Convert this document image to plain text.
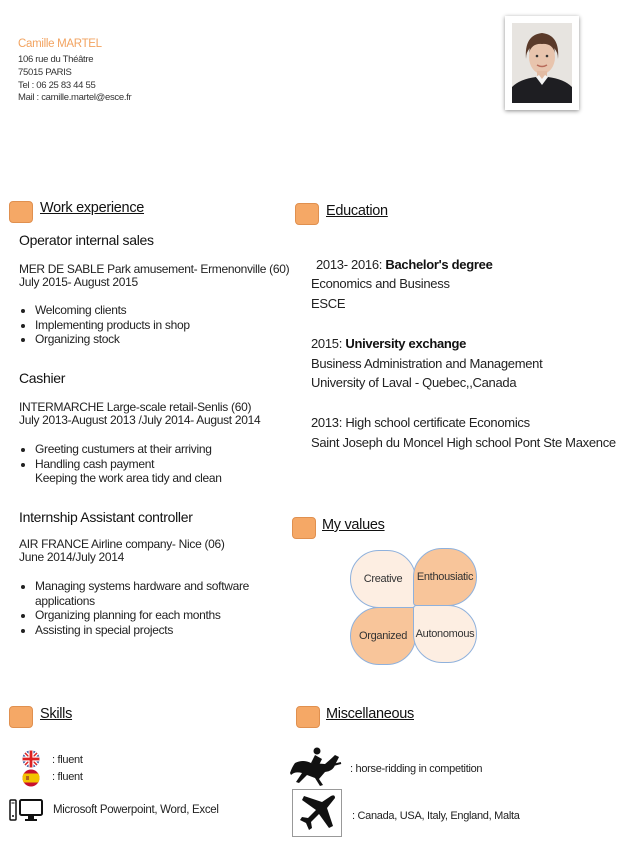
Camille MARTEL
106 rue du Théâtre
75015 PARIS
Tel : 06 25 83 44 55
Mail : camille.martel@esce.fr
Work experience
Operator internal sales
MER DE SABLE Park amusement- Ermenonville (60)
July 2015- August 2015
• Welcoming clients
• Implementing products in shop
• Organizing stock
Cashier
INTERMARCHE Large-scale retail-Senlis (60)
July 2013-August 2013 /July 2014- August 2014
• Greeting custumers at their arriving
• Handling cash payment
Keeping the work area tidy and clean
Internship Assistant controller
AIR FRANCE Airline company- Nice (06)
June 2014/July 2014
• Managing systems hardware and software applications
• Organizing planning for each months
• Assisting in special projects
Education
2013- 2016: Bachelor's degree
Economics and Business
ESCE
2015: University exchange
Business Administration and Management
University of Laval - Quebec,,Canada
2013: High school certificate Economics
Saint Joseph du Moncel High school Pont Ste Maxence
My values
Creative Enthousiatic
Organized Autonomous
Skills
: fluent
: fluent
Microsoft Powerpoint, Word, Excel
Miscellaneous
: horse-ridding in competition
: Canada, USA, Italy, England, Malta
